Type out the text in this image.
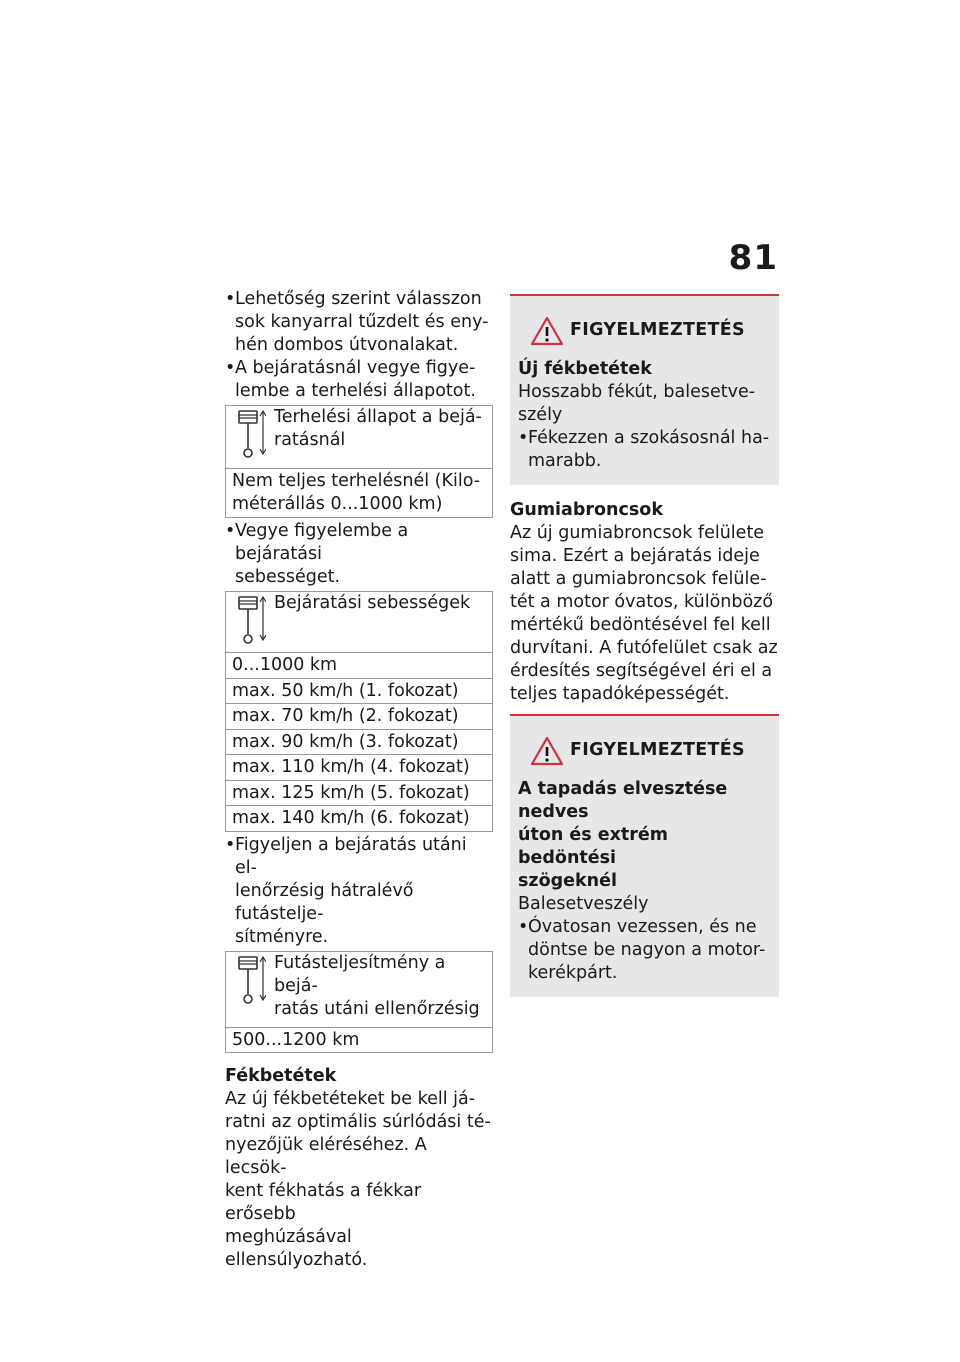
81

• Lehetőség szerint válasszon

sok kanyarral tűzdelt és eny-

hén dombos útvonalakat.

• A bejáratásnál vegye figye-

lembe a terhelési állapotot.

Terhelési állapot a bejá-
ratásnál
Nem teljes terhelésnél (Kilo-
méterállás 0...1000 km)

• Vegye figyelembe a bejáratási

sebességet.

Bejáratási sebességek
0...1000 km
max. 50 km/h (1. fokozat)
max. 70 km/h (2. fokozat)
max. 90 km/h (3. fokozat)
max. 110 km/h (4. fokozat)
max. 125 km/h (5. fokozat)
max. 140 km/h (6. fokozat)

• Figyeljen a bejáratás utáni el-

lenőrzésig hátralévő futástelje-

sítményre.

Futásteljesítmény a bejá-
ratás utáni ellenőrzésig
500...1200 km
Fékbetétek
Az új fékbetéteket be kell já-
ratni az optimális súrlódási té-
nyezőjük eléréséhez. A lecsök-
kent fékhatás a fékkar erősebb
meghúzásával ellensúlyozható.
FIGYELMEZTETÉS
Új fékbetétek
Hosszabb fékút, balesetve-
szély

• Fékezzen a szokásosnál ha-

marabb.

Gumiabroncsok
Az új gumiabroncsok felülete
sima. Ezért a bejáratás ideje
alatt a gumiabroncsok felüle-
tét a motor óvatos, különböző
mértékű bedöntésével fel kell
durvítani. A futófelület csak az
érdesítés segítségével éri el a
teljes tapadóképességét.
FIGYELMEZTETÉS
A tapadás elvesztése nedves
úton és extrém bedöntési
szögeknél
Balesetveszély

• Óvatosan vezessen, és ne

döntse be nagyon a motor-

kerékpárt.
